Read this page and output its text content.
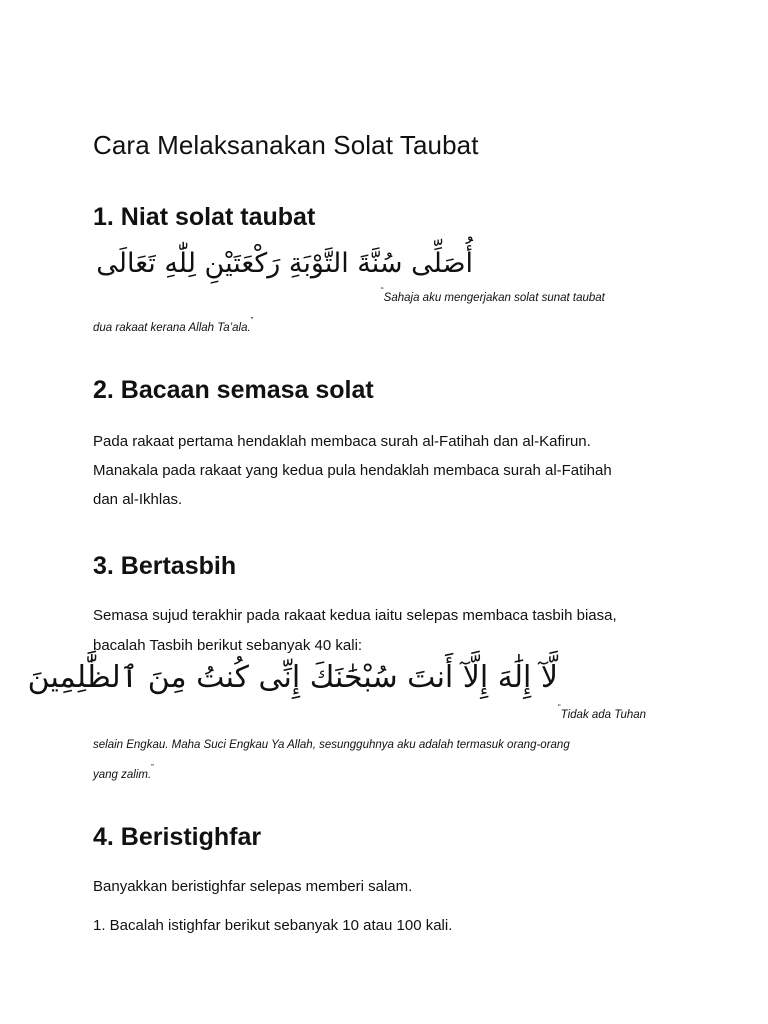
Cara Melaksanakan Solat Taubat
1. Niat solat taubat
أُصَلِّى سُنَّةَ التَّوْبَةِ رَكْعَتَيْنِ لِلّٰهِ تَعَالَى
“Sahaja aku mengerjakan solat sunat taubat
dua rakaat kerana Allah Ta’ala.”
2. Bacaan semasa solat

Pada rakaat pertama hendaklah membaca surah al-Fatihah dan al-Kafirun.

Manakala pada rakaat yang kedua pula hendaklah membaca surah al-Fatihah

dan al-Ikhlas.

3. Bertasbih

Semasa sujud terakhir pada rakaat kedua iaitu selepas membaca tasbih biasa,

bacalah Tasbih berikut sebanyak 40 kali:

لَّآ إِلَٰهَ إِلَّآ أَنتَ سُبْحَٰنَكَ إِنِّى كُنتُ مِنَ ٱلظَّٰلِمِينَ
“Tidak ada Tuhan
selain Engkau. Maha Suci Engkau Ya Allah, sesungguhnya aku adalah termasuk orang-orang
yang zalim.”
4. Beristighfar

Banyakkan beristighfar selepas memberi salam.

1. Bacalah istighfar berikut sebanyak 10 atau 100 kali.
